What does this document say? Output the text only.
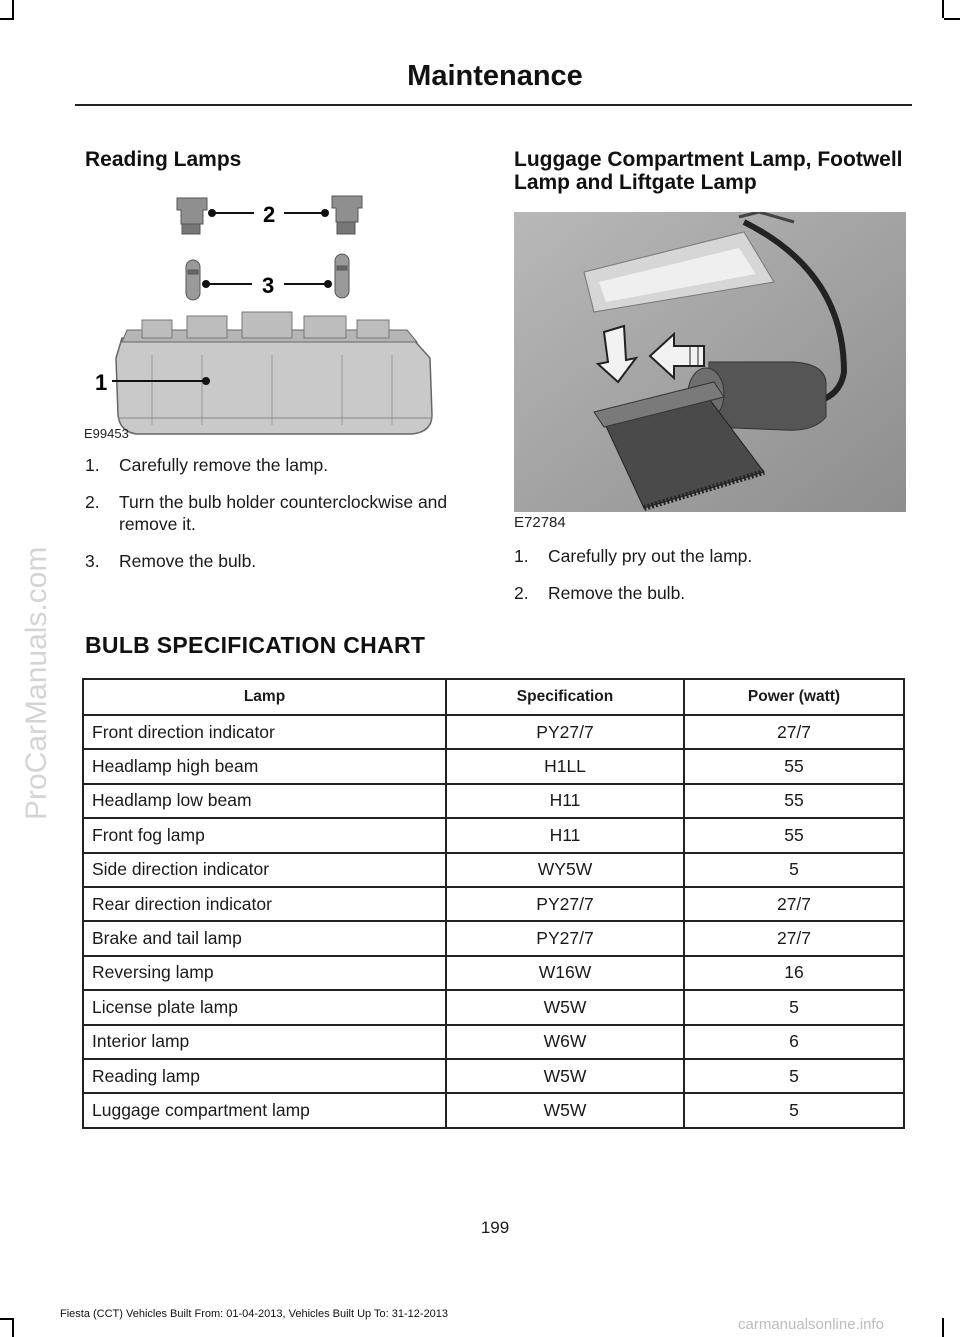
ProCarManuals.com
Maintenance
Reading Lamps
2
3
1
E99453
1. Carefully remove the lamp.
2. Turn the bulb holder counterclockwise and remove it.
3. Remove the bulb.
Luggage Compartment Lamp, Footwell Lamp and Liftgate Lamp
E72784
1. Carefully pry out the lamp.
2. Remove the bulb.
BULB SPECIFICATION CHART
Lamp	Specification	Power (watt)
Front direction indicator	PY27/7	27/7
Headlamp high beam	H1LL	55
Headlamp low beam	H11	55
Front fog lamp	H11	55
Side direction indicator	WY5W	5
Rear direction indicator	PY27/7	27/7
Brake and tail lamp	PY27/7	27/7
Reversing lamp	W16W	16
License plate lamp	W5W	5
Interior lamp	W6W	6
Reading lamp	W5W	5
Luggage compartment lamp	W5W	5
199
Fiesta (CCT) Vehicles Built From: 01-04-2013, Vehicles Built Up To: 31-12-2013
carmanualsonline.info
